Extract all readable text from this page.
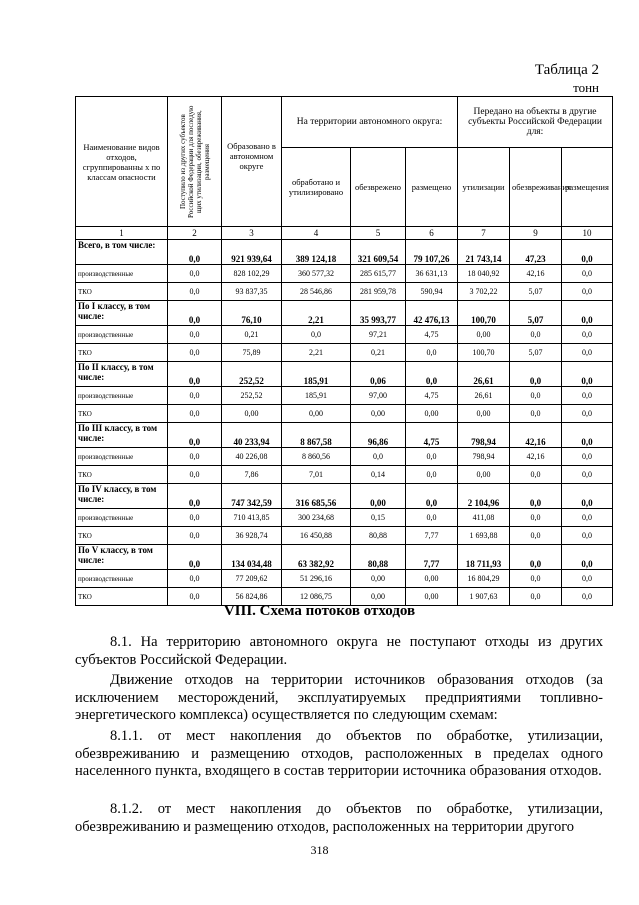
Таблица 2
тонн
Наименование видов отходов, сгруппированны х по классам опасности	Поступило из других субъектов Российской Федерации для последую щих утилизации, обезвреживания, размещения	Образовано в автономном округе	На территории автономного округа:			Передано на объекты в другие субъекты Российской Федерации для:		
			обработано и утилизировано	обезврежено	размещено	утилизации	обезвреживания	размещения
1	2	3	4	5	6	7	9	10
Всего, в том числе:	0,0	921 939,64	389 124,18	321 609,54	79 107,26	21 743,14	47,23	0,0
производственные	0,0	828 102,29	360 577,32	285 615,77	36 631,13	18 040,92	42,16	0,0
ТКО	0,0	93 837,35	28 546,86	281 959,78	590,94	3 702,22	5,07	0,0
По I классу, в том числе:	0,0	76,10	2,21	35 993,77	42 476,13	100,70	5,07	0,0
производственные	0,0	0,21	0,0	97,21	4,75	0,00	0,0	0,0
ТКО	0,0	75,89	2,21	0,21	0,0	100,70	5,07	0,0
По II классу, в том числе:	0,0	252,52	185,91	0,06	0,0	26,61	0,0	0,0
производственные	0,0	252,52	185,91	97,00	4,75	26,61	0,0	0,0
ТКО	0,0	0,00	0,00	0,00	0,00	0,00	0,0	0,0
По III классу, в том числе:	0,0	40 233,94	8 867,58	96,86	4,75	798,94	42,16	0,0
производственные	0,0	40 226,08	8 860,56	0,0	0,0	798,94	42,16	0,0
ТКО	0,0	7,86	7,01	0,14	0,0	0,00	0,0	0,0
По IV классу, в том числе:	0,0	747 342,59	316 685,56	0,00	0,0	2 104,96	0,0	0,0
производственные	0,0	710 413,85	300 234,68	0,15	0,0	411,08	0,0	0,0
ТКО	0,0	36 928,74	16 450,88	80,88	7,77	1 693,88	0,0	0,0
По V классу, в том числе:	0,0	134 034,48	63 382,92	80,88	7,77	18 711,93	0,0	0,0
производственные	0,0	77 209,62	51 296,16	0,00	0,00	16 804,29	0,0	0,0
ТКО	0,0	56 824,86	12 086,75	0,00	0,00	1 907,63	0,0	0,0
VIII. Схема потоков отходов
8.1. На территорию автономного округа не поступают отходы из других субъектов Российской Федерации.
Движение отходов на территории источников образования отходов (за исключением месторождений, эксплуатируемых предприятиями топливно-энергетического комплекса) осуществляется по следующим схемам:
8.1.1. от мест накопления до объектов по обработке, утилизации, обезвреживанию и размещению отходов, расположенных в пределах одного населенного пункта, входящего в состав территории источника образования отходов.
8.1.2. от мест накопления до объектов по обработке, утилизации, обезвреживанию и размещению отходов, расположенных на территории другого
318
